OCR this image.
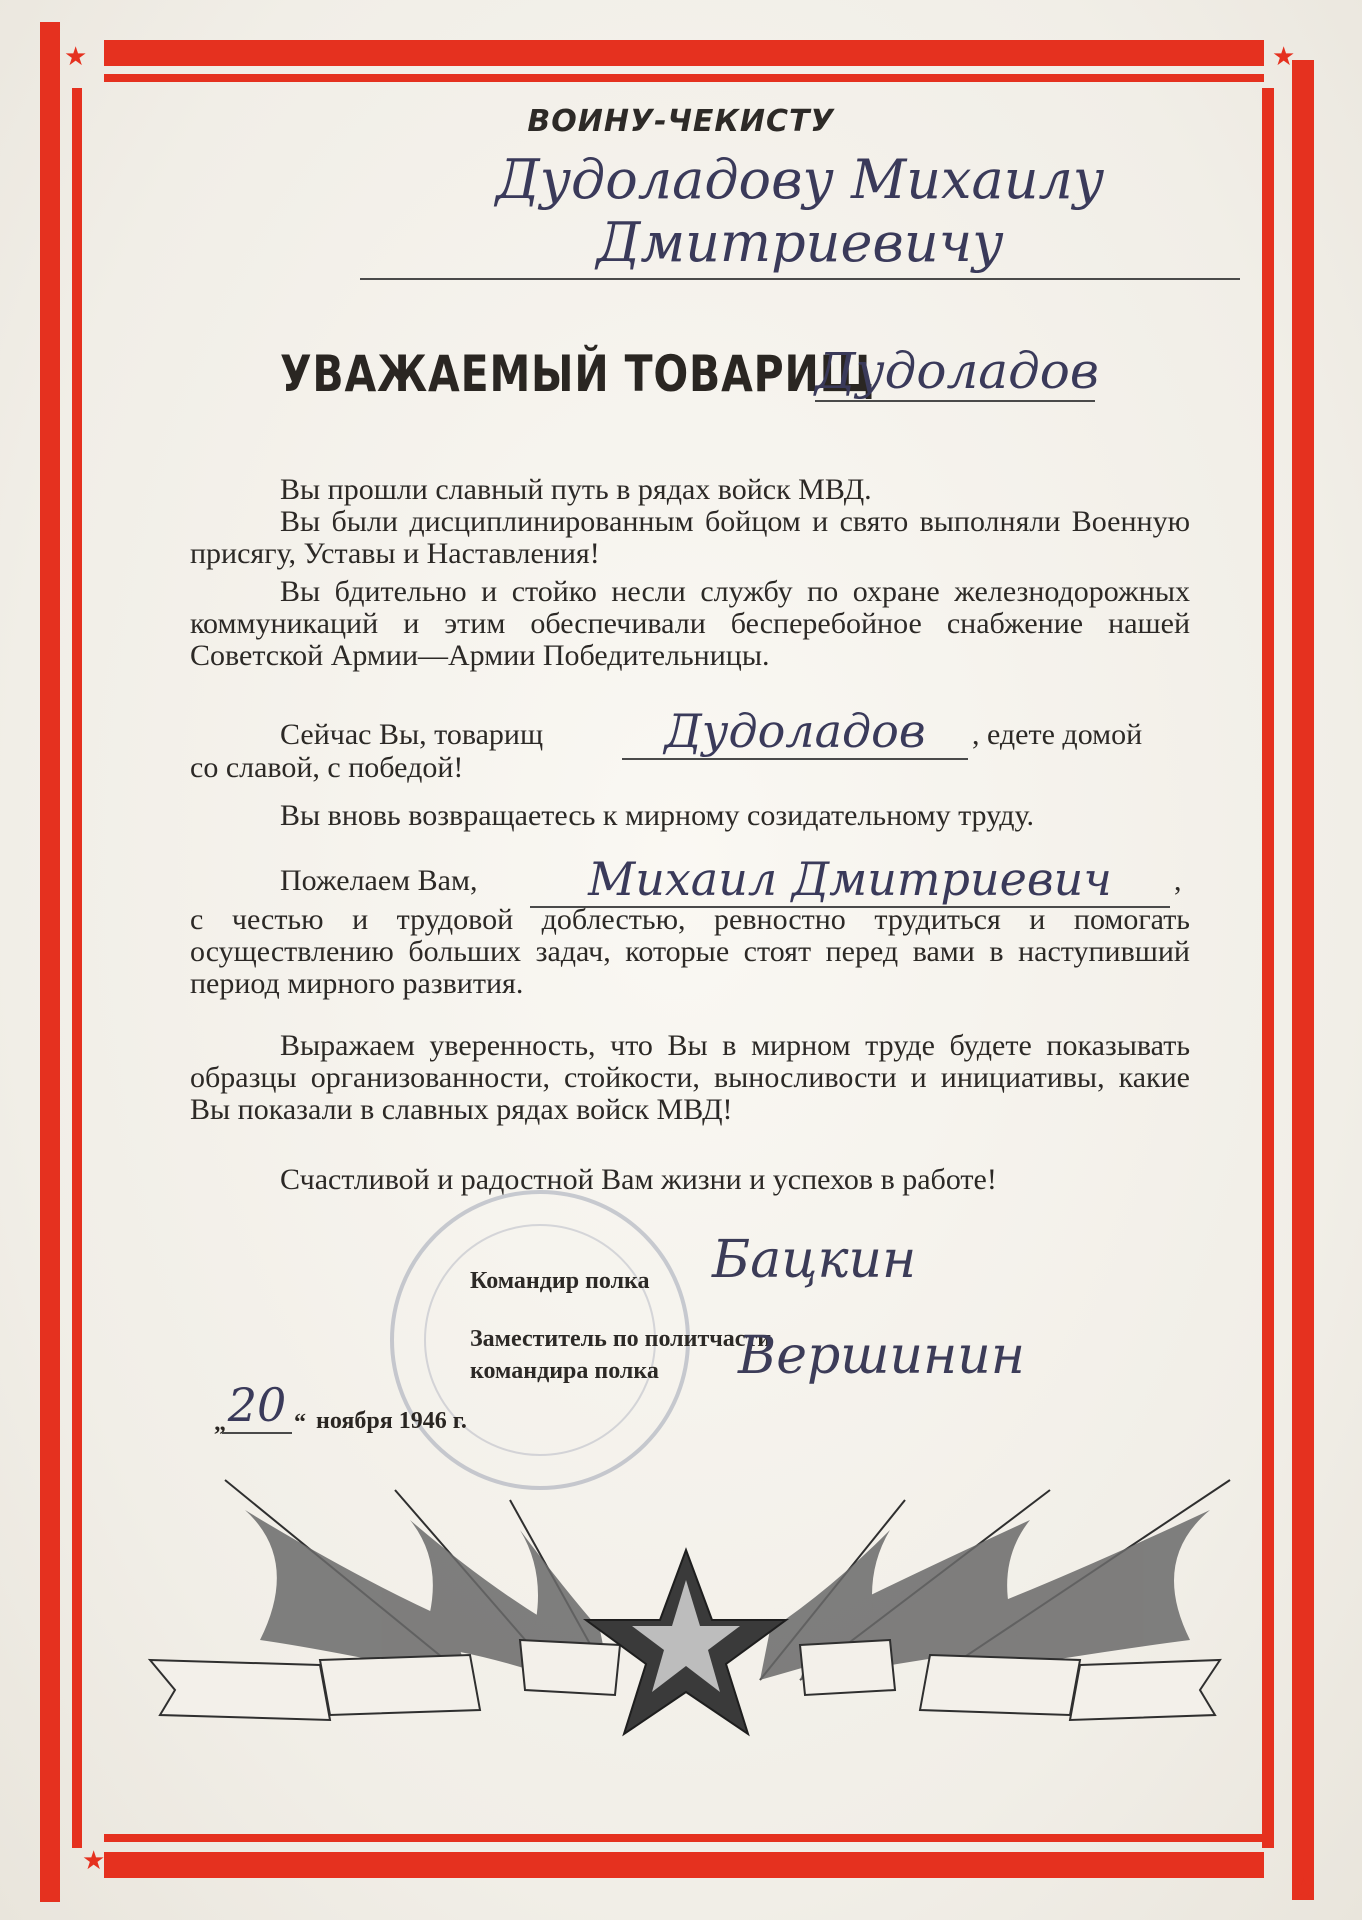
★	★
★
★
ВОИНУ-ЧЕКИСТУ
Дудоладову Михаилу Дмитриевичу
УВАЖАЕМЫЙ ТОВАРИЩ
Дудоладов
Вы прошли славный путь в рядах войск МВД.
Вы были дисциплинированным бойцом и свято выполняли Военную присягу, Уставы и Наставления!
Вы бдительно и стойко несли службу по охране железнодорожных коммуникаций и этим обеспечивали бесперебойное снабжение нашей Советской Армии—Армии Победительницы.
Сейчас Вы, товарищ	Дудоладов	, едете домой
со славой, с победой!
Вы вновь возвращаетесь к мирному созидательному труду.
Пожелаем Вам,	Михаил Дмитриевич	,
с честью и трудовой доблестью, ревностно трудиться и помогать осуществлению больших задач, которые стоят перед вами в наступивший период мирного развития.
Выражаем уверенность, что Вы в мирном труде будете показывать образцы организованности, стойкости, выносливости и инициативы, какие Вы показали в славных рядах войск МВД!
Счастливой и радостной Вам жизни и успехов в работе!
Командир полка Бацкин
Заместитель по политчасти
командира полка Вершинин
„ 20 “ ноября 1946 г.
